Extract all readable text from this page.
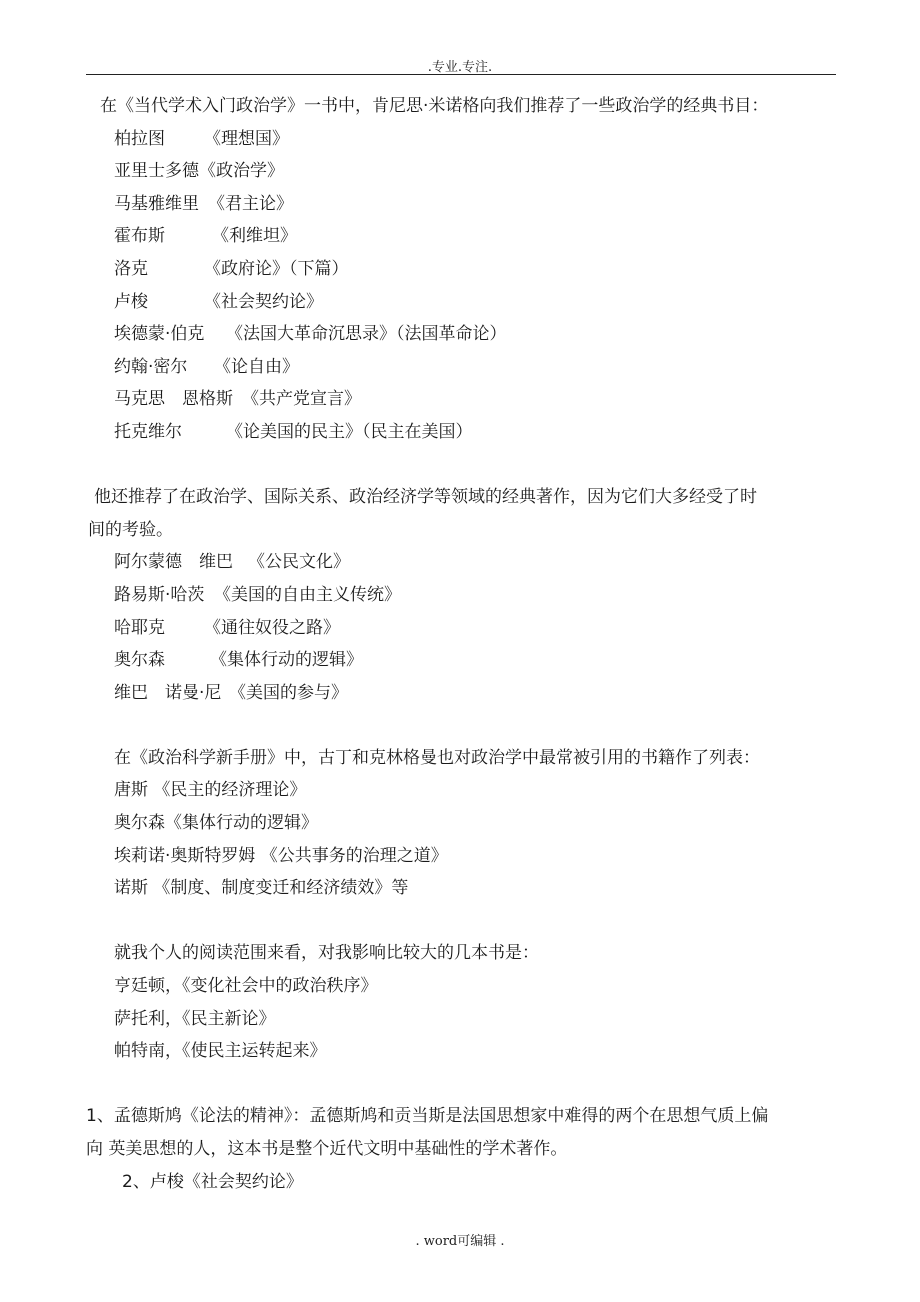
.专业.专注.
在《当代学术入门政治学》一书中，肯尼思·米诺格向我们推荐了一些政治学的经典书目：
柏拉图 《理想国》
亚里士多德《政治学》
马基雅维里 《君主论》
霍布斯	《利维坦》
洛克	《政府论》（下篇）
卢梭	《社会契约论》
埃德蒙·伯克 《法国大革命沉思录》（法国革命论）
约翰·密尔 《论自由》
马克思　恩格斯 《共产党宣言》
托克维尔	《论美国的民主》（民主在美国）
他还推荐了在政治学、国际关系、政治经济学等领域的经典著作，因为它们大多经受了时
间的考验。
阿尔蒙德　维巴 《公民文化》
路易斯·哈茨 《美国的自由主义传统》
哈耶克 《通往奴役之路》
奥尔森	《集体行动的逻辑》
维巴　诺曼·尼 《美国的参与》
在《政治科学新手册》中，古丁和克林格曼也对政治学中最常被引用的书籍作了列表：
唐斯 《民主的经济理论》
奥尔森《集体行动的逻辑》
埃莉诺·奥斯特罗姆 《公共事务的治理之道》
诺斯 《制度、制度变迁和经济绩效》等
就我个人的阅读范围来看，对我影响比较大的几本书是：
亨廷顿，《变化社会中的政治秩序》
萨托利，《民主新论》
帕特南，《使民主运转起来》
1、孟德斯鸠《论法的精神》：孟德斯鸠和贡当斯是法国思想家中难得的两个在思想气质上偏
向 英美思想的人，这本书是整个近代文明中基础性的学术著作。
2、卢梭《社会契约论》
. word可编辑 .
